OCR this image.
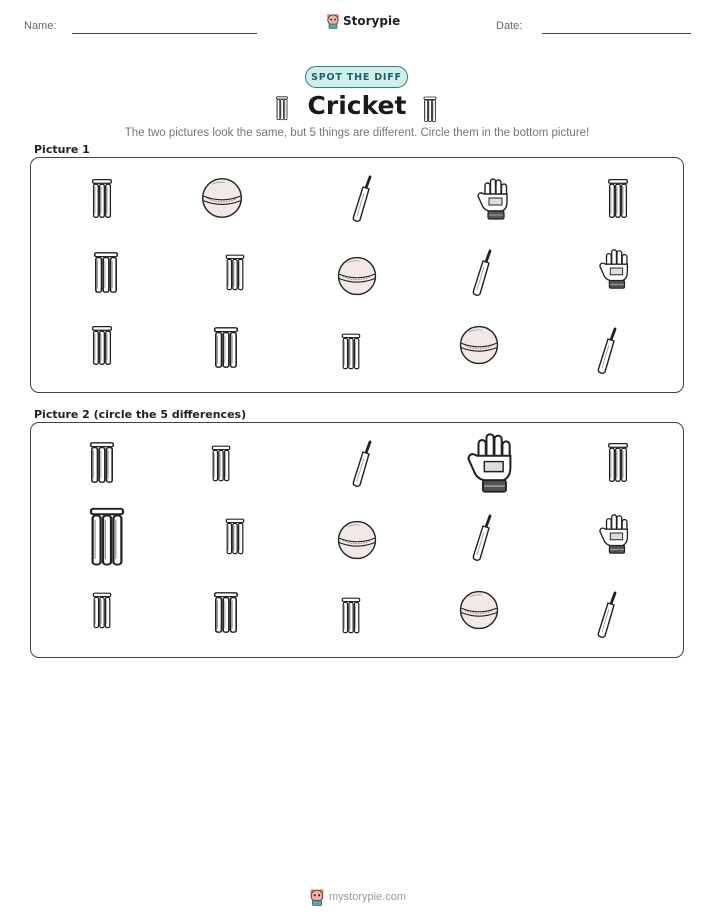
Name:	Storypie	Date:
SPOT THE DIFF
Cricket
The two pictures look the same, but 5 things are different. Circle them in the bottom picture!
Picture 1
Picture 2 (circle the 5 differences)
mystorypie.com
